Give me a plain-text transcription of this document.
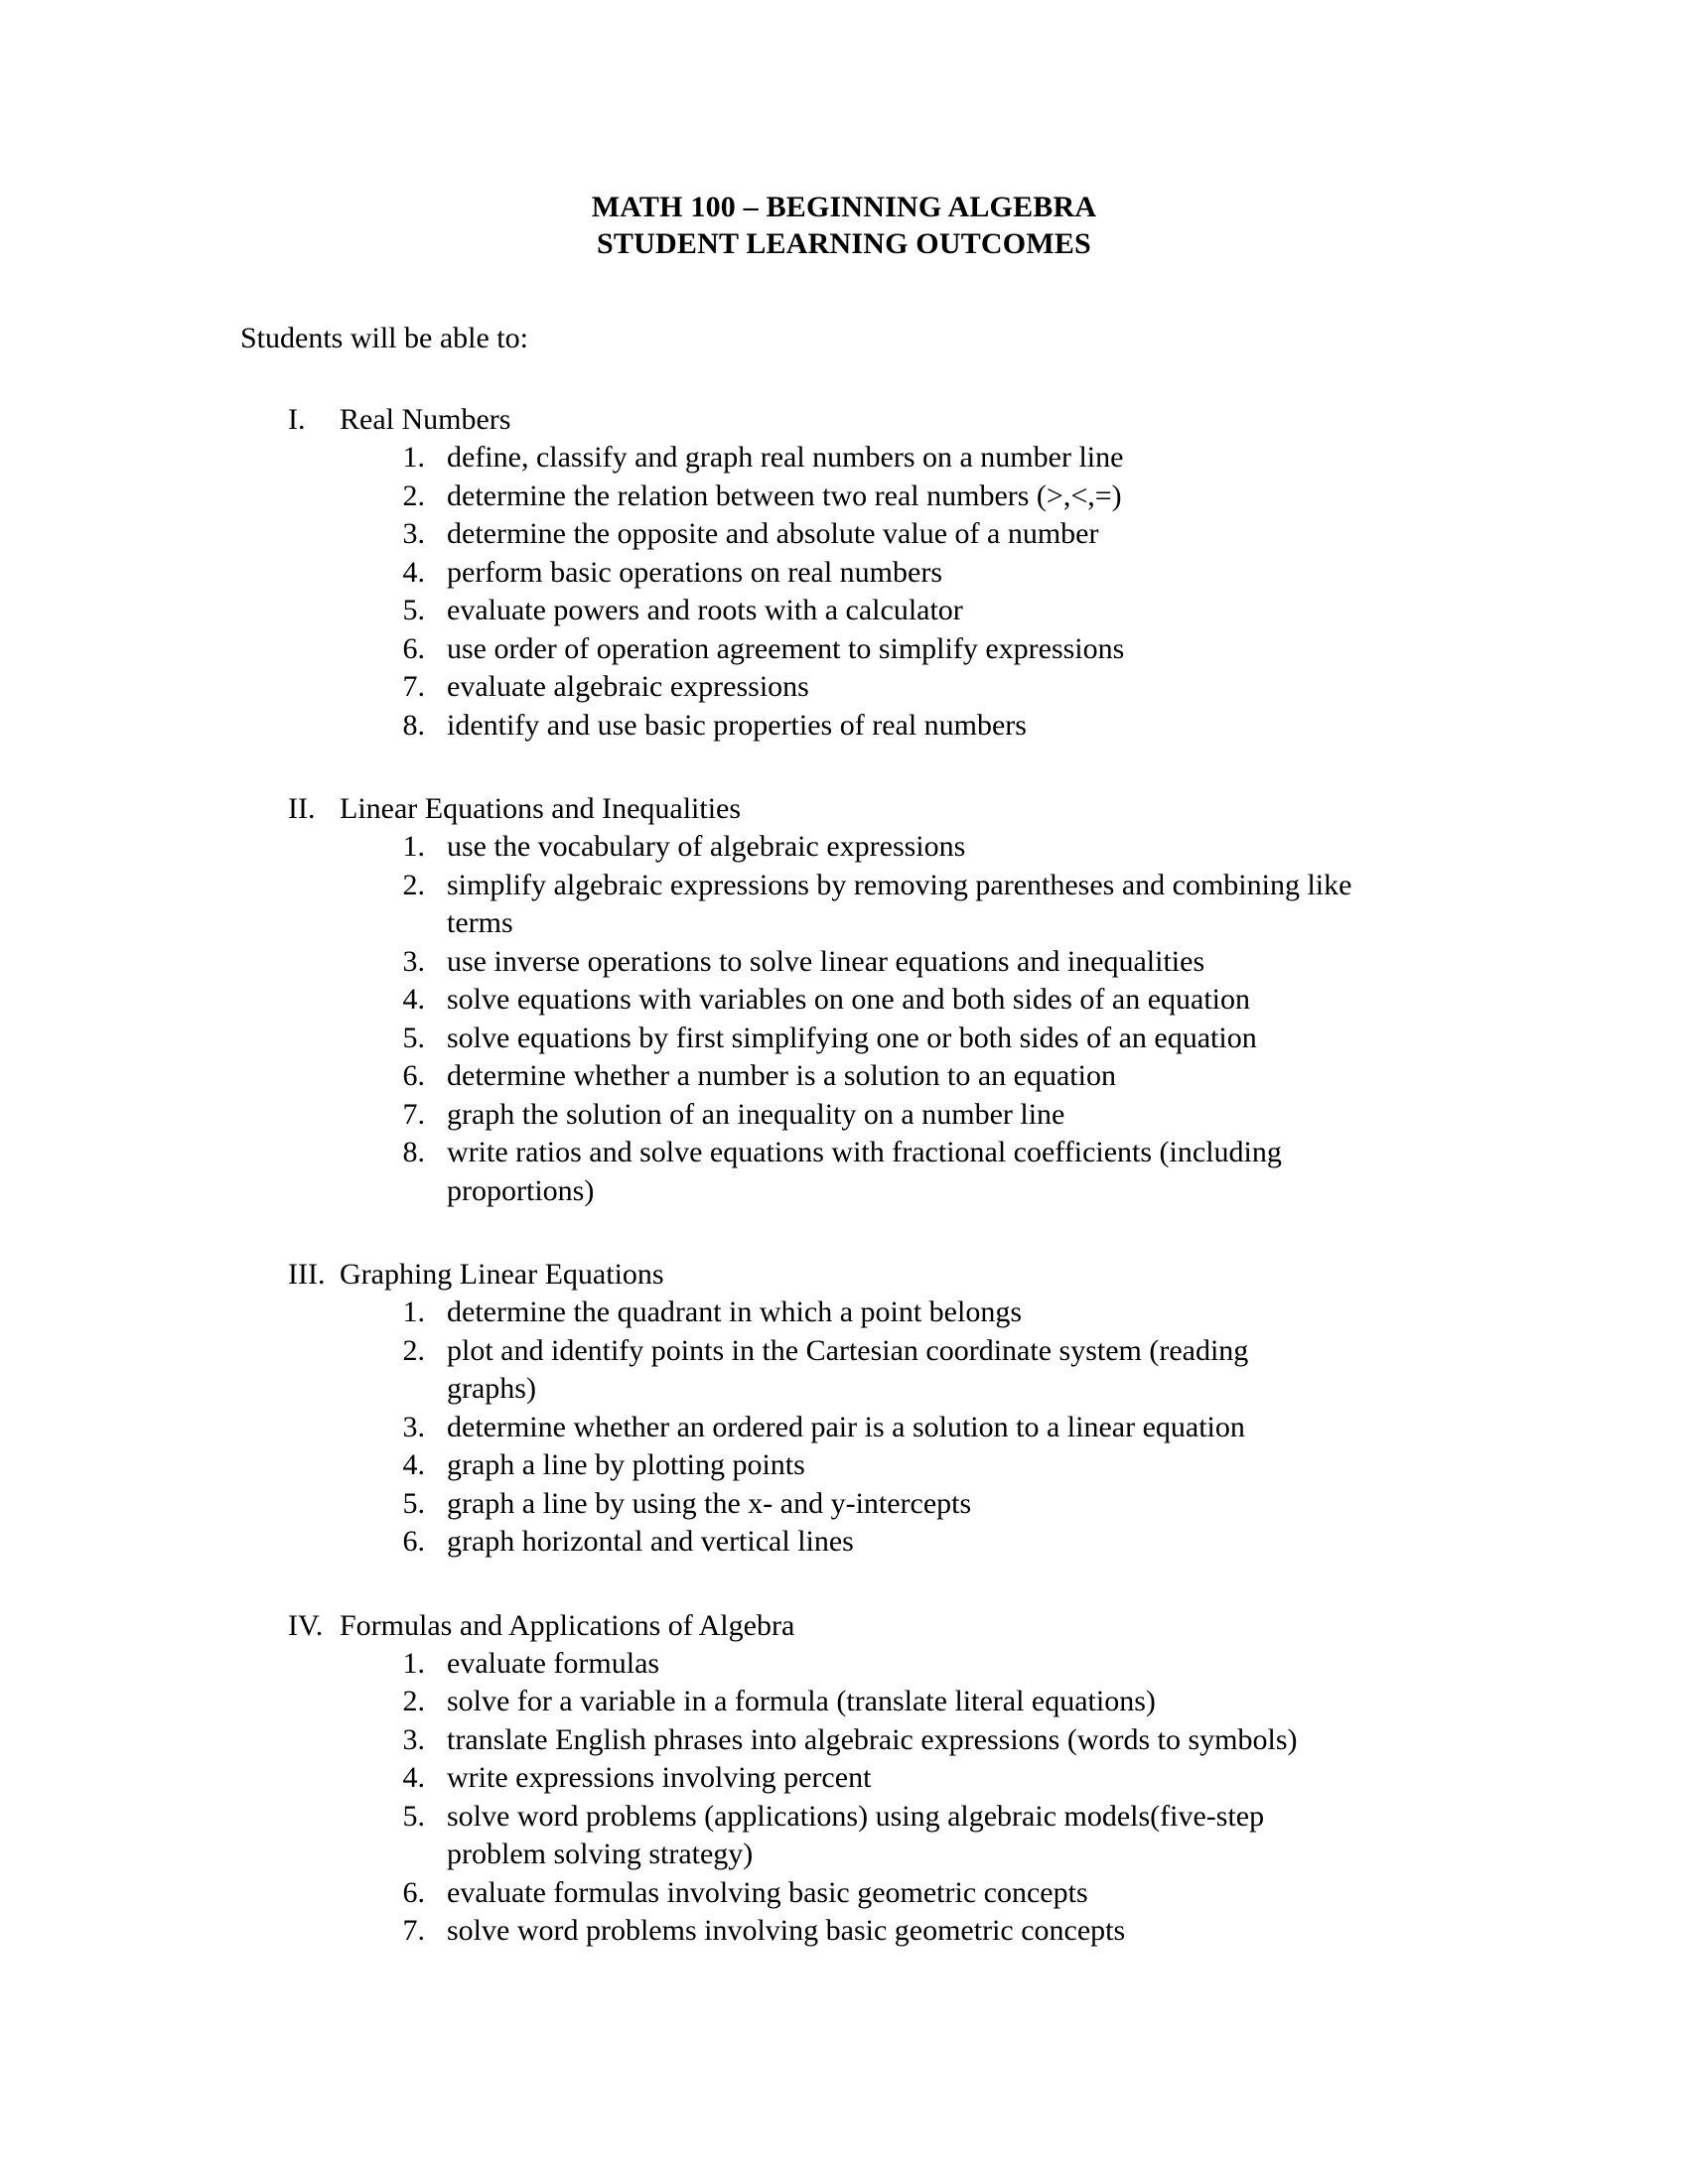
MATH 100 – BEGINNING ALGEBRA
STUDENT LEARNING OUTCOMES

Students will be able to:

I.	Real Numbers
1. define, classify and graph real numbers on a number line
2. determine the relation between two real numbers (>,<,=)
3. determine the opposite and absolute value of a number
4. perform basic operations on real numbers
5. evaluate powers and roots with a calculator
6. use order of operation agreement to simplify expressions
7. evaluate algebraic expressions
8. identify and use basic properties of real numbers
II. Linear Equations and Inequalities
1. use the vocabulary of algebraic expressions
2. simplify algebraic expressions by removing parentheses and combining like terms
3. use inverse operations to solve linear equations and inequalities
4. solve equations with variables on one and both sides of an equation
5. solve equations by first simplifying one or both sides of an equation
6. determine whether a number is a solution to an equation
7. graph the solution of an inequality on a number line
8. write ratios and solve equations with fractional coefficients (including proportions)
III. Graphing Linear Equations
1. determine the quadrant in which a point belongs
2. plot and identify points in the Cartesian coordinate system (reading graphs)
3. determine whether an ordered pair is a solution to a linear equation
4. graph a line by plotting points
5. graph a line by using the x- and y-intercepts
6. graph horizontal and vertical lines
IV. Formulas and Applications of Algebra
1. evaluate formulas
2. solve for a variable in a formula (translate literal equations)
3. translate English phrases into algebraic expressions (words to symbols)
4. write expressions involving percent
5. solve word problems (applications) using algebraic models(five-step problem solving strategy)
6. evaluate formulas involving basic geometric concepts
7. solve word problems involving basic geometric concepts
